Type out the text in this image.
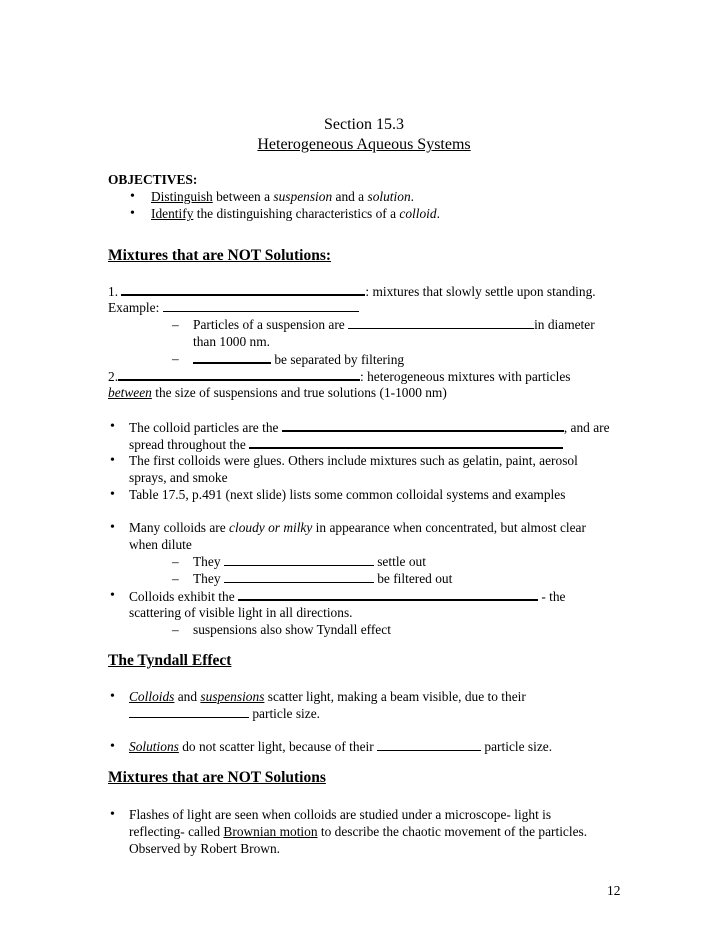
Section 15.3
Heterogeneous Aqueous Systems
OBJECTIVES:
• Distinguish between a suspension and a solution.
• Identify the distinguishing characteristics of a colloid.
Mixtures that are NOT Solutions:
1.	: mixtures that slowly settle upon standing.
Example:
– Particles of a suspension are	in diameter
than 1000 nm.
–	be separated by filtering
2.	: heterogeneous mixtures with particles
between the size of suspensions and true solutions (1-1000 nm)
• The colloid particles are the	, and are
spread throughout the
• The first colloids were glues. Others include mixtures such as gelatin, paint, aerosol
sprays, and smoke
• Table 17.5, p.491 (next slide) lists some common colloidal systems and examples
• Many colloids are cloudy or milky in appearance when concentrated, but almost clear
when dilute
– They	settle out
– They	be filtered out
• Colloids exhibit the	- the
scattering of visible light in all directions.
– suspensions also show Tyndall effect
The Tyndall Effect
• Colloids and suspensions scatter light, making a beam visible, due to their
particle size.
• Solutions do not scatter light, because of their	particle size.
Mixtures that are NOT Solutions
• Flashes of light are seen when colloids are studied under a microscope- light is
reflecting- called Brownian motion to describe the chaotic movement of the particles.
Observed by Robert Brown.
12
